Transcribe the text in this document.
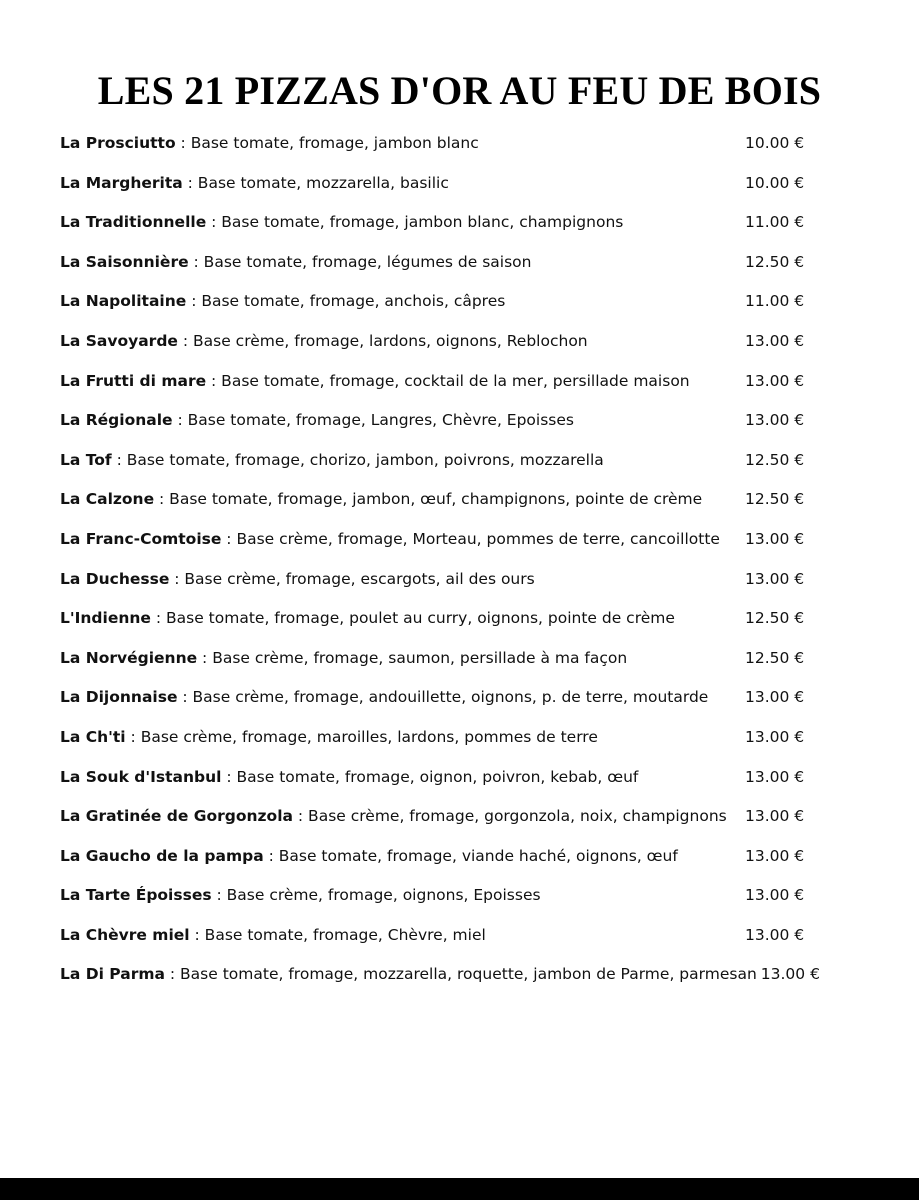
LES 21 PIZZAS D'OR AU FEU DE BOIS
La Prosciutto : Base tomate, fromage, jambon blanc	10.00 €
La Margherita : Base tomate, mozzarella, basilic	10.00 €
La Traditionnelle : Base tomate, fromage, jambon blanc, champignons	11.00 €
La Saisonnière : Base tomate, fromage, légumes de saison	12.50 €
La Napolitaine : Base tomate, fromage, anchois, câpres	11.00 €
La Savoyarde : Base crème, fromage, lardons, oignons, Reblochon	13.00 €
La Frutti di mare : Base tomate, fromage, cocktail de la mer, persillade maison	13.00 €
La Régionale : Base tomate, fromage, Langres, Chèvre, Epoisses	13.00 €
La Tof : Base tomate, fromage, chorizo, jambon, poivrons, mozzarella	12.50 €
La Calzone : Base tomate, fromage, jambon, œuf, champignons, pointe de crème	12.50 €
La Franc-Comtoise : Base crème, fromage, Morteau, pommes de terre, cancoillotte 13.00 €
La Duchesse : Base crème, fromage, escargots, ail des ours	13.00 €
L'Indienne : Base tomate, fromage, poulet au curry, oignons, pointe de crème	12.50 €
La Norvégienne : Base crème, fromage, saumon, persillade à ma façon	12.50 €
La Dijonnaise : Base crème, fromage, andouillette, oignons, p. de terre, moutarde 13.00 €
La Ch'ti : Base crème, fromage, maroilles, lardons, pommes de terre	13.00 €
La Souk d'Istanbul : Base tomate, fromage, oignon, poivron, kebab, œuf	13.00 €
La Gratinée de Gorgonzola : Base crème, fromage, gorgonzola, noix, champignons 13.00 €
La Gaucho de la pampa : Base tomate, fromage, viande haché, oignons, œuf	13.00 €
La Tarte Époisses : Base crème, fromage, oignons, Epoisses	13.00 €
La Chèvre miel : Base tomate, fromage, Chèvre, miel	13.00 €
La Di Parma : Base tomate, fromage, mozzarella, roquette, jambon de Parme, parmesan 13.00 €
